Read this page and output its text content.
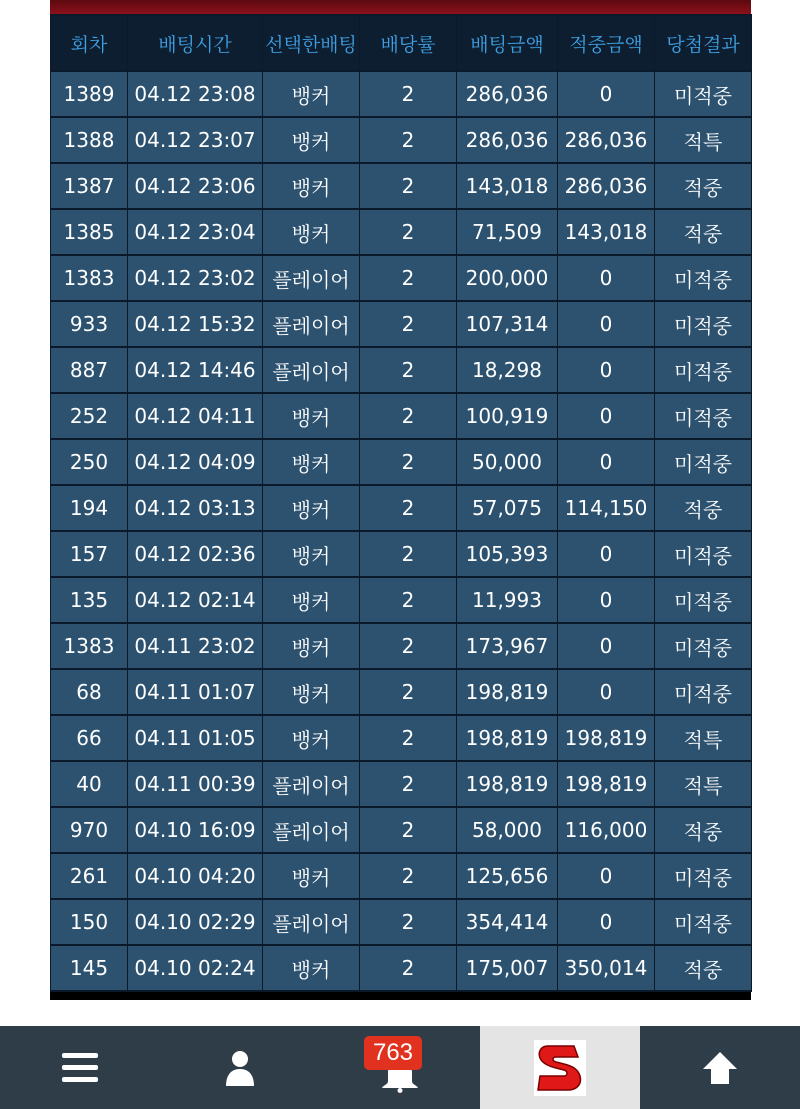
회차	배팅시간	선택한배팅	배당률	배팅금액	적중금액	당첨결과
1389	04.12 23:08	뱅커	2	286,036	0	미적중
1388	04.12 23:07	뱅커	2	286,036	286,036	적특
1387	04.12 23:06	뱅커	2	143,018	286,036	적중
1385	04.12 23:04	뱅커	2	71,509	143,018	적중
1383	04.12 23:02	플레이어	2	200,000	0	미적중
933	04.12 15:32	플레이어	2	107,314	0	미적중
887	04.12 14:46	플레이어	2	18,298	0	미적중
252	04.12 04:11	뱅커	2	100,919	0	미적중
250	04.12 04:09	뱅커	2	50,000	0	미적중
194	04.12 03:13	뱅커	2	57,075	114,150	적중
157	04.12 02:36	뱅커	2	105,393	0	미적중
135	04.12 02:14	뱅커	2	11,993	0	미적중
1383	04.11 23:02	뱅커	2	173,967	0	미적중
68	04.11 01:07	뱅커	2	198,819	0	미적중
66	04.11 01:05	뱅커	2	198,819	198,819	적특
40	04.11 00:39	플레이어	2	198,819	198,819	적특
970	04.10 16:09	플레이어	2	58,000	116,000	적중
261	04.10 04:20	뱅커	2	125,656	0	미적중
150	04.10 02:29	플레이어	2	354,414	0	미적중
145	04.10 02:24	뱅커	2	175,007	350,014	적중
763
